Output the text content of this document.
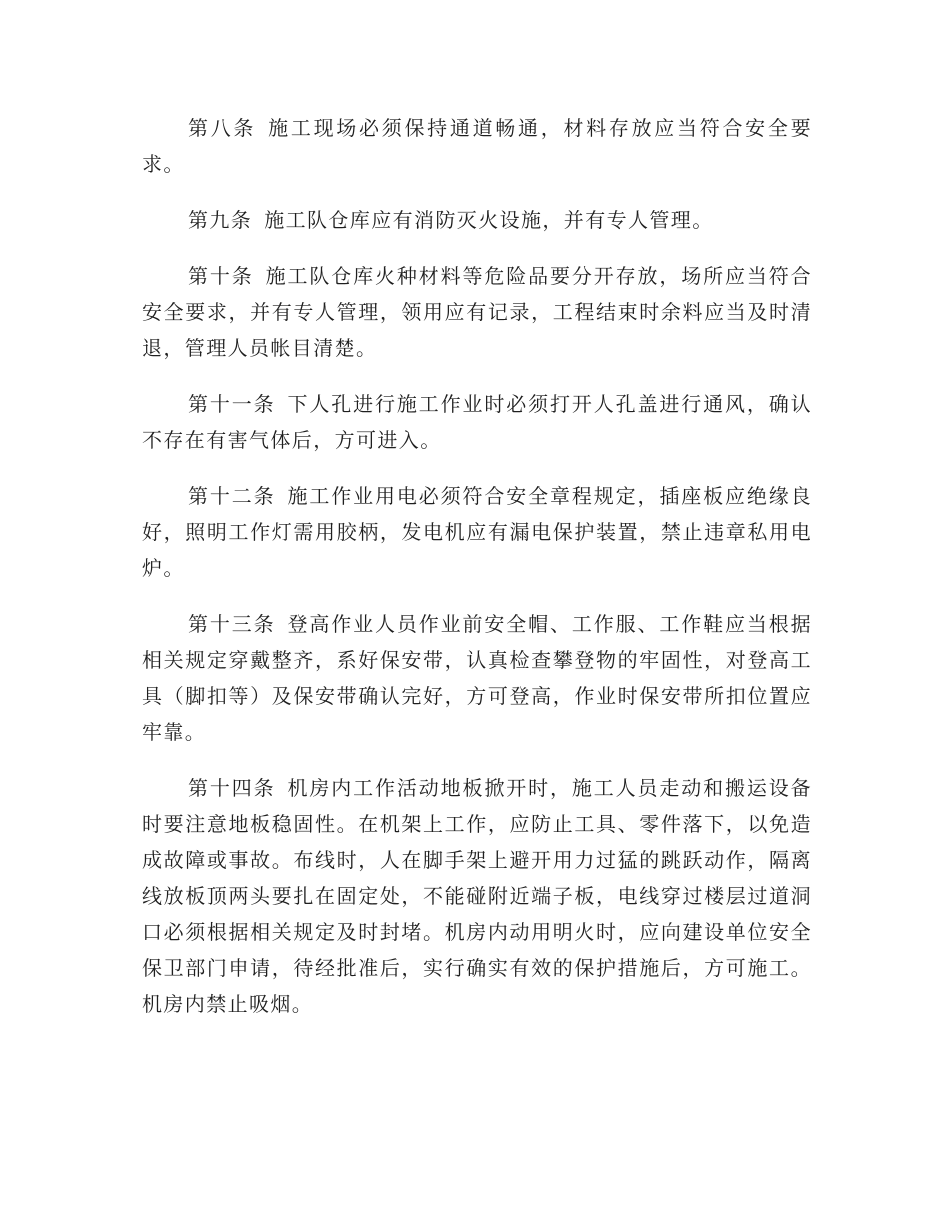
第八条 施工现场必须保持通道畅通，材料存放应当符合安全要求。

第九条 施工队仓库应有消防灭火设施，并有专人管理。

第十条 施工队仓库火种材料等危险品要分开存放，场所应当符合安全要求，并有专人管理，领用应有记录，工程结束时余料应当及时清退，管理人员帐目清楚。

第十一条 下人孔进行施工作业时必须打开人孔盖进行通风，确认不存在有害气体后，方可进入。

第十二条 施工作业用电必须符合安全章程规定，插座板应绝缘良好，照明工作灯需用胶柄，发电机应有漏电保护装置，禁止违章私用电炉。

第十三条 登高作业人员作业前安全帽、工作服、工作鞋应当根据相关规定穿戴整齐，系好保安带，认真检查攀登物的牢固性，对登高工具（脚扣等）及保安带确认完好，方可登高，作业时保安带所扣位置应牢靠。

第十四条 机房内工作活动地板掀开时，施工人员走动和搬运设备时要注意地板稳固性。在机架上工作，应防止工具、零件落下，以免造成故障或事故。布线时，人在脚手架上避开用力过猛的跳跃动作，隔离线放板顶两头要扎在固定处，不能碰附近端子板，电线穿过楼层过道洞口必须根据相关规定及时封堵。机房内动用明火时，应向建设单位安全保卫部门申请，待经批准后，实行确实有效的保护措施后，方可施工。机房内禁止吸烟。
